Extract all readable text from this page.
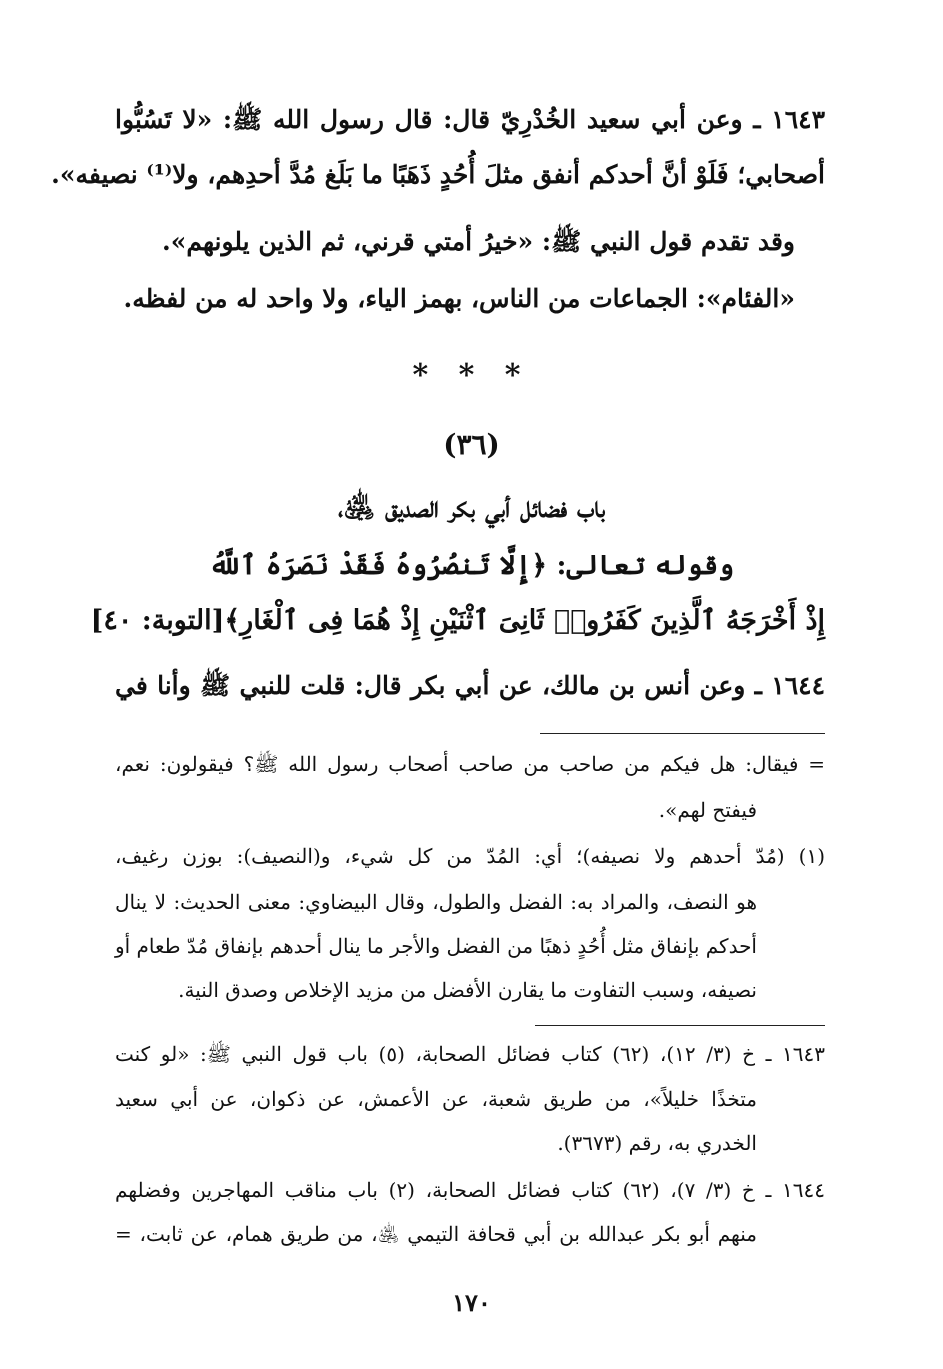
١٦٤٣ ـ وعن أبي سعيد الخُدْرِيّ قال: قال رسول الله ﷺ: «لا تَسُبُّوا
أصحابي؛ فَلَوْ أنَّ أحدكم أنفق مثلَ أُحُدٍ ذَهَبًا ما بَلَغ مُدَّ أحدِهم، ولا⁽¹⁾ نصيفه».
وقد تقدم قول النبي ﷺ: «خيرُ أمتي قرني، ثم الذين يلونهم».
«الفئام»: الجماعات من الناس، بهمز الياء، ولا واحد له من لفظه.
* * *
(٣٦)
باب فضائل أبي بكر الصديق ﵁،
وقوله تعالى: ﴿إِلَّا تَنصُرُوهُ فَقَدْ نَصَرَهُ ٱللَّهُ
إِذْ أَخْرَجَهُ ٱلَّذِينَ كَفَرُوا۟ ثَانِىَ ٱثْنَيْنِ إِذْ هُمَا فِى ٱلْغَارِ﴾[التوبة: ٤٠]
١٦٤٤ ـ وعن أنس بن مالك، عن أبي بكر قال: قلت للنبي ﷺ وأنا في
= فيقال: هل فيكم من صاحب من صاحب أصحاب رسول الله ﷺ؟ فيقولون: نعم،
فيفتح لهم».
(١) (مُدّ أحدهم ولا نصيفه)؛ أي: المُدّ من كل شيء، و(النصيف): بوزن رغيف،
هو النصف، والمراد به: الفضل والطول، وقال البيضاوي: معنى الحديث: لا ينال
أحدكم بإنفاق مثل أُحُدٍ ذهبًا من الفضل والأجر ما ينال أحدهم بإنفاق مُدّ طعام أو
نصيفه، وسبب التفاوت ما يقارن الأفضل من مزيد الإخلاص وصدق النية.
١٦٤٣ ـ خ (٣/ ١٢)، (٦٢) كتاب فضائل الصحابة، (٥) باب قول النبي ﷺ: «لو كنت
متخذًا خليلاً»، من طريق شعبة، عن الأعمش، عن ذكوان، عن أبي سعيد
الخدري به، رقم (٣٦٧٣).
١٦٤٤ ـ خ (٣/ ٧)، (٦٢) كتاب فضائل الصحابة، (٢) باب مناقب المهاجرين وفضلهم
منهم أبو بكر عبدالله بن أبي قحافة التيمي ﵁، من طريق همام، عن ثابت، =
١٧٠
